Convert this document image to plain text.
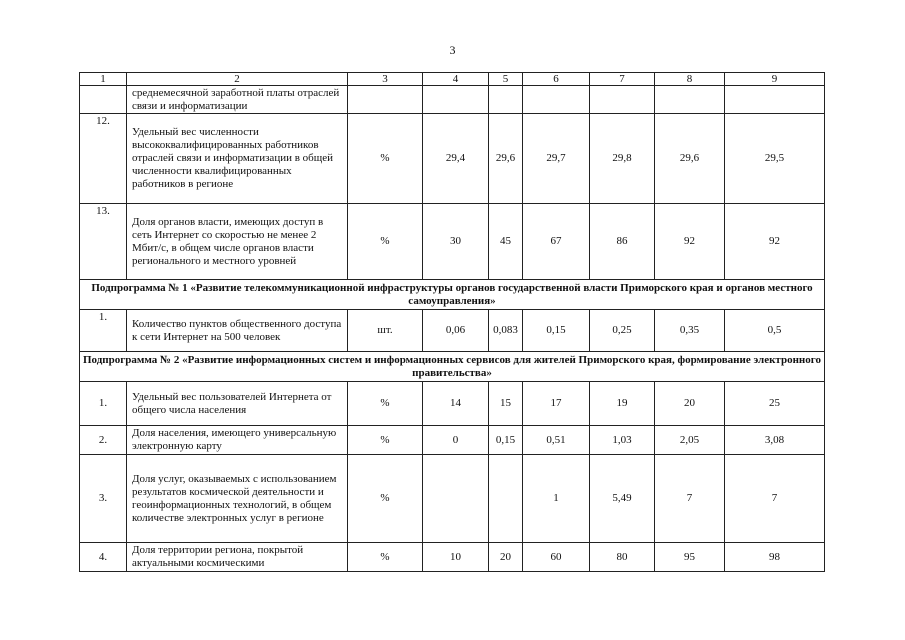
3
1	2	3	4	5	6	7	8	9
	среднемесячной заработной платы отраслей связи и информатизации							
12.	Удельный вес численности высококвалифицированных работников отраслей связи и информатизации в общей численности квалифицированных работников в регионе	%	29,4	29,6	29,7	29,8	29,6	29,5
13.	Доля органов власти, имеющих доступ в сеть Интернет со скоростью не менее 2 Мбит/с, в общем числе органов власти регионального и местного уровней	%	30	45	67	86	92	92
Подпрограмма № 1 «Развитие телекоммуникационной инфраструктуры органов государственной власти Приморского края и органов местного самоуправления»								
1.	Количество пунктов общественного доступа к сети Интернет на 500 человек	шт.	0,06	0,083	0,15	0,25	0,35	0,5
Подпрограмма № 2 «Развитие информационных систем и информационных сервисов для жителей Приморского края, формирование электронного правительства»								
1.	Удельный вес пользователей Интернета от общего числа населения	%	14	15	17	19	20	25
2.	Доля населения, имеющего универсальную электронную карту	%	0	0,15	0,51	1,03	2,05	3,08
3.	Доля услуг, оказываемых с использованием результатов космической деятельности и геоинформационных технологий, в общем количестве электронных услуг в регионе	%			1	5,49	7	7
4.	Доля территории региона, покрытой актуальными космическими	%	10	20	60	80	95	98
